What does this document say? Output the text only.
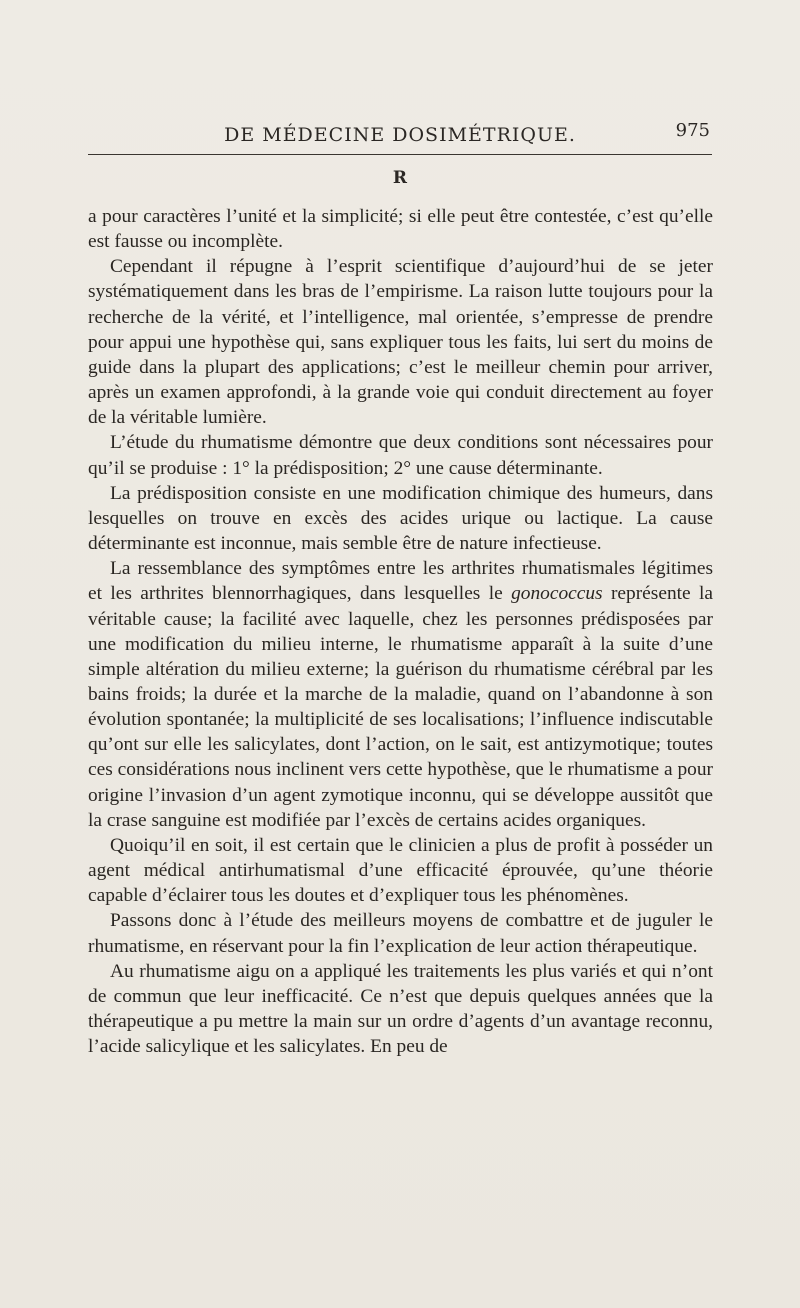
DE MÉDECINE DOSIMÉTRIQUE.	975
R

a pour caractères l’unité et la simplicité; si elle peut être contestée, c’est qu’elle est fausse ou incomplète.

Cependant il répugne à l’esprit scientifique d’aujourd’hui de se jeter systématiquement dans les bras de l’empirisme. La raison lutte toujours pour la recherche de la vérité, et l’intelligence, mal orientée, s’empresse de prendre pour appui une hypothèse qui, sans expliquer tous les faits, lui sert du moins de guide dans la plupart des applications; c’est le meilleur chemin pour arriver, après un examen approfondi, à la grande voie qui conduit directement au foyer de la véritable lumière.

L’étude du rhumatisme démontre que deux conditions sont nécessaires pour qu’il se produise : 1° la prédisposition; 2° une cause déterminante.

La prédisposition consiste en une modification chimique des humeurs, dans lesquelles on trouve en excès des acides urique ou lactique. La cause déterminante est inconnue, mais semble être de nature infectieuse.

La ressemblance des symptômes entre les arthrites rhumatismales légitimes et les arthrites blennorrhagiques, dans lesquelles le gonococcus représente la véritable cause; la facilité avec laquelle, chez les personnes prédisposées par une modification du milieu interne, le rhumatisme apparaît à la suite d’une simple altération du milieu externe; la guérison du rhumatisme cérébral par les bains froids; la durée et la marche de la maladie, quand on l’abandonne à son évolution spontanée; la multiplicité de ses localisations; l’influence indiscutable qu’ont sur elle les salicylates, dont l’action, on le sait, est antizymotique; toutes ces considérations nous inclinent vers cette hypothèse, que le rhumatisme a pour origine l’invasion d’un agent zymotique inconnu, qui se développe aussitôt que la crase sanguine est modifiée par l’excès de certains acides organiques.

Quoiqu’il en soit, il est certain que le clinicien a plus de profit à posséder un agent médical antirhumatismal d’une efficacité éprouvée, qu’une théorie capable d’éclairer tous les doutes et d’expliquer tous les phénomènes.

Passons donc à l’étude des meilleurs moyens de combattre et de juguler le rhumatisme, en réservant pour la fin l’explication de leur action thérapeutique.

Au rhumatisme aigu on a appliqué les traitements les plus variés et qui n’ont de commun que leur inefficacité. Ce n’est que depuis quelques années que la thérapeutique a pu mettre la main sur un ordre d’agents d’un avantage reconnu, l’acide salicylique et les salicylates. En peu de
